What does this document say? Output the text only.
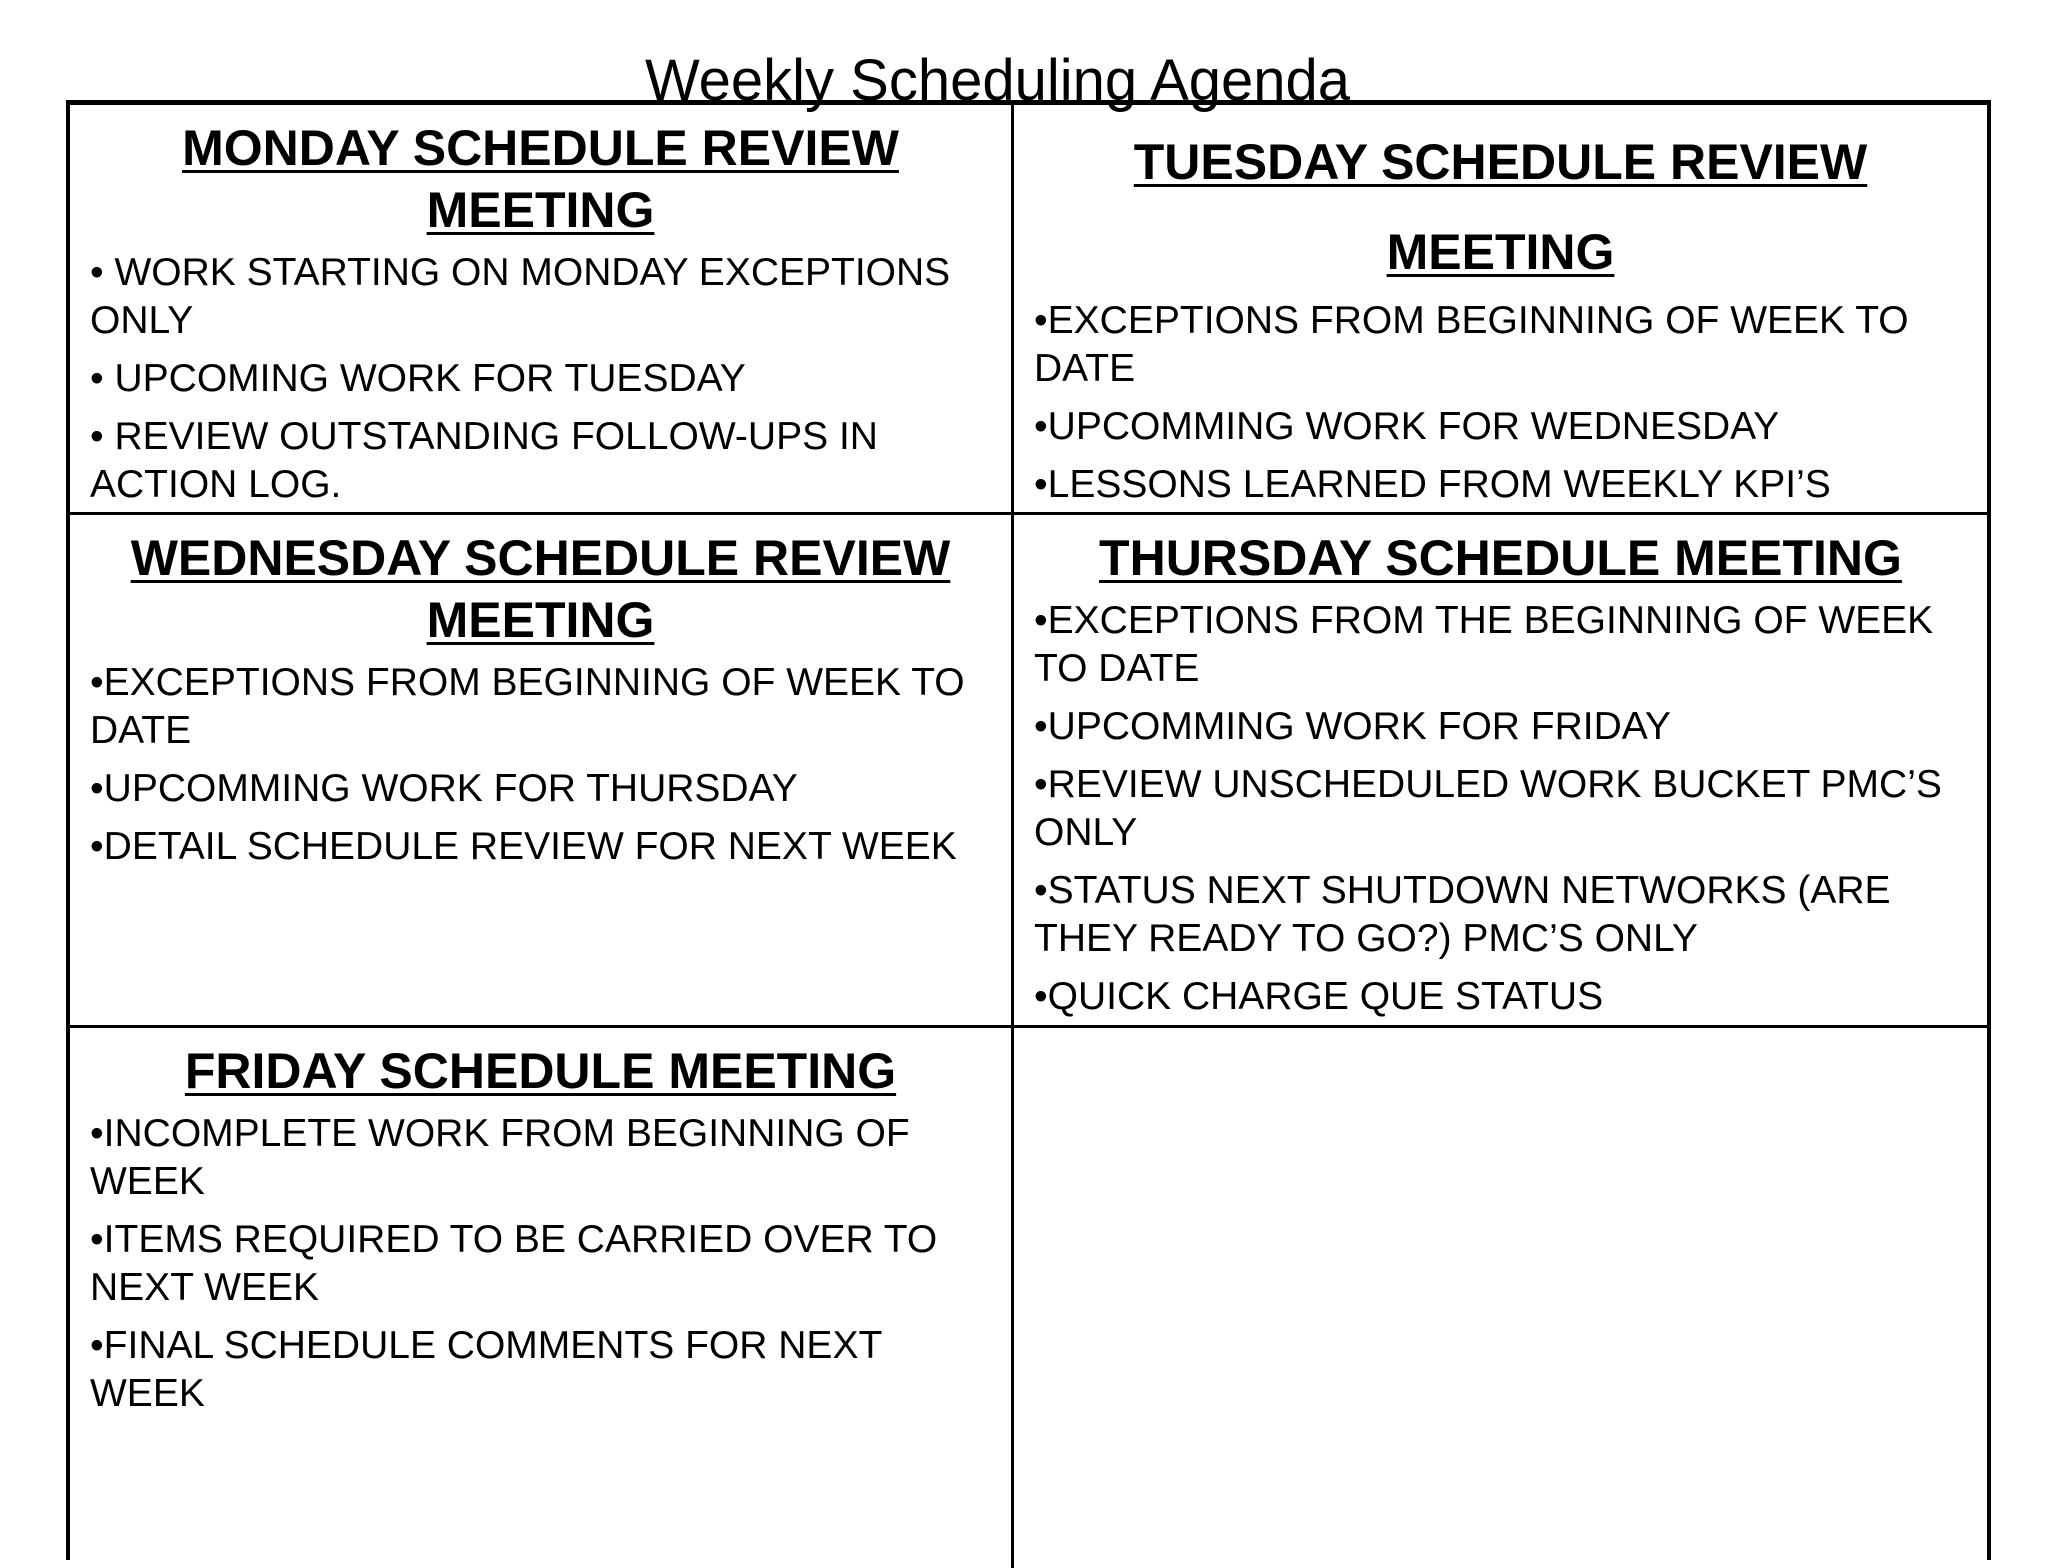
Weekly Scheduling Agenda
MONDAY SCHEDULE REVIEW MEETING
• WORK STARTING ON MONDAY EXCEPTIONS ONLY
• UPCOMING WORK FOR TUESDAY
• REVIEW OUTSTANDING FOLLOW-UPS IN ACTION LOG.
TUESDAY SCHEDULE REVIEW MEETING
•EXCEPTIONS FROM BEGINNING OF WEEK TO DATE
•UPCOMMING WORK FOR WEDNESDAY
•LESSONS LEARNED FROM WEEKLY KPI’S
WEDNESDAY SCHEDULE REVIEW MEETING
•EXCEPTIONS FROM BEGINNING OF WEEK TO DATE
•UPCOMMING WORK FOR THURSDAY
•DETAIL SCHEDULE REVIEW FOR NEXT WEEK
THURSDAY SCHEDULE MEETING
•EXCEPTIONS FROM THE BEGINNING OF WEEK TO DATE
•UPCOMMING WORK FOR FRIDAY
•REVIEW UNSCHEDULED WORK BUCKET PMC’S ONLY
•STATUS NEXT SHUTDOWN NETWORKS (ARE THEY READY TO GO?) PMC’S ONLY
•QUICK CHARGE QUE STATUS
FRIDAY SCHEDULE MEETING
•INCOMPLETE WORK FROM BEGINNING OF WEEK
•ITEMS REQUIRED TO BE CARRIED OVER TO NEXT WEEK
•FINAL SCHEDULE COMMENTS FOR NEXT WEEK
